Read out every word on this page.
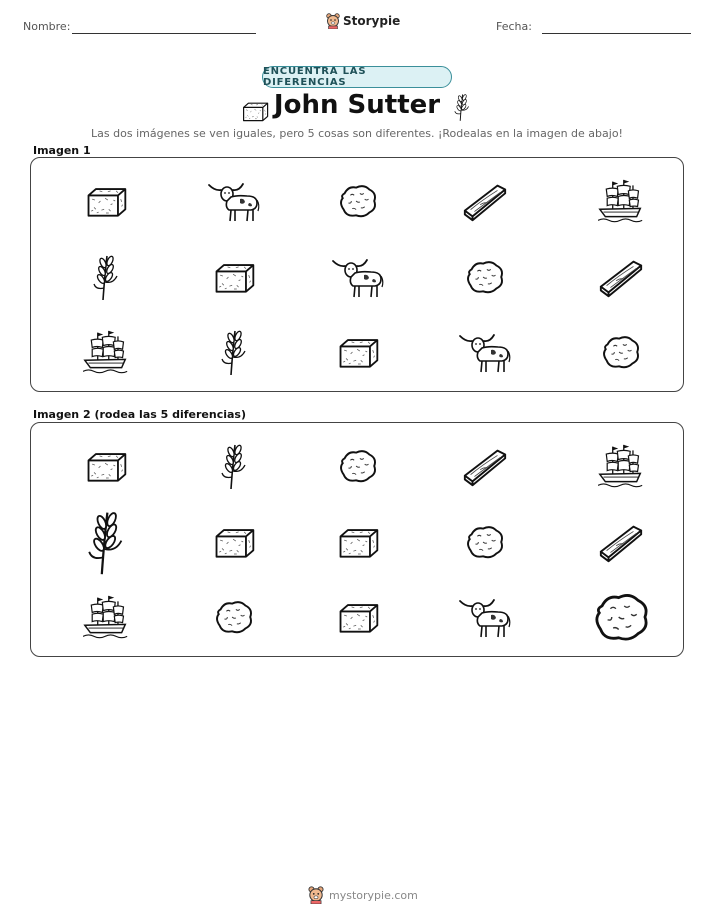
Nombre:	Storypie	Fecha:
ENCUENTRA LAS DIFERENCIAS
John Sutter
Las dos imágenes se ven iguales, pero 5 cosas son diferentes. ¡Rodealas en la imagen de abajo!
Imagen 1
Imagen 2 (rodea las 5 diferencias)
mystorypie.com
